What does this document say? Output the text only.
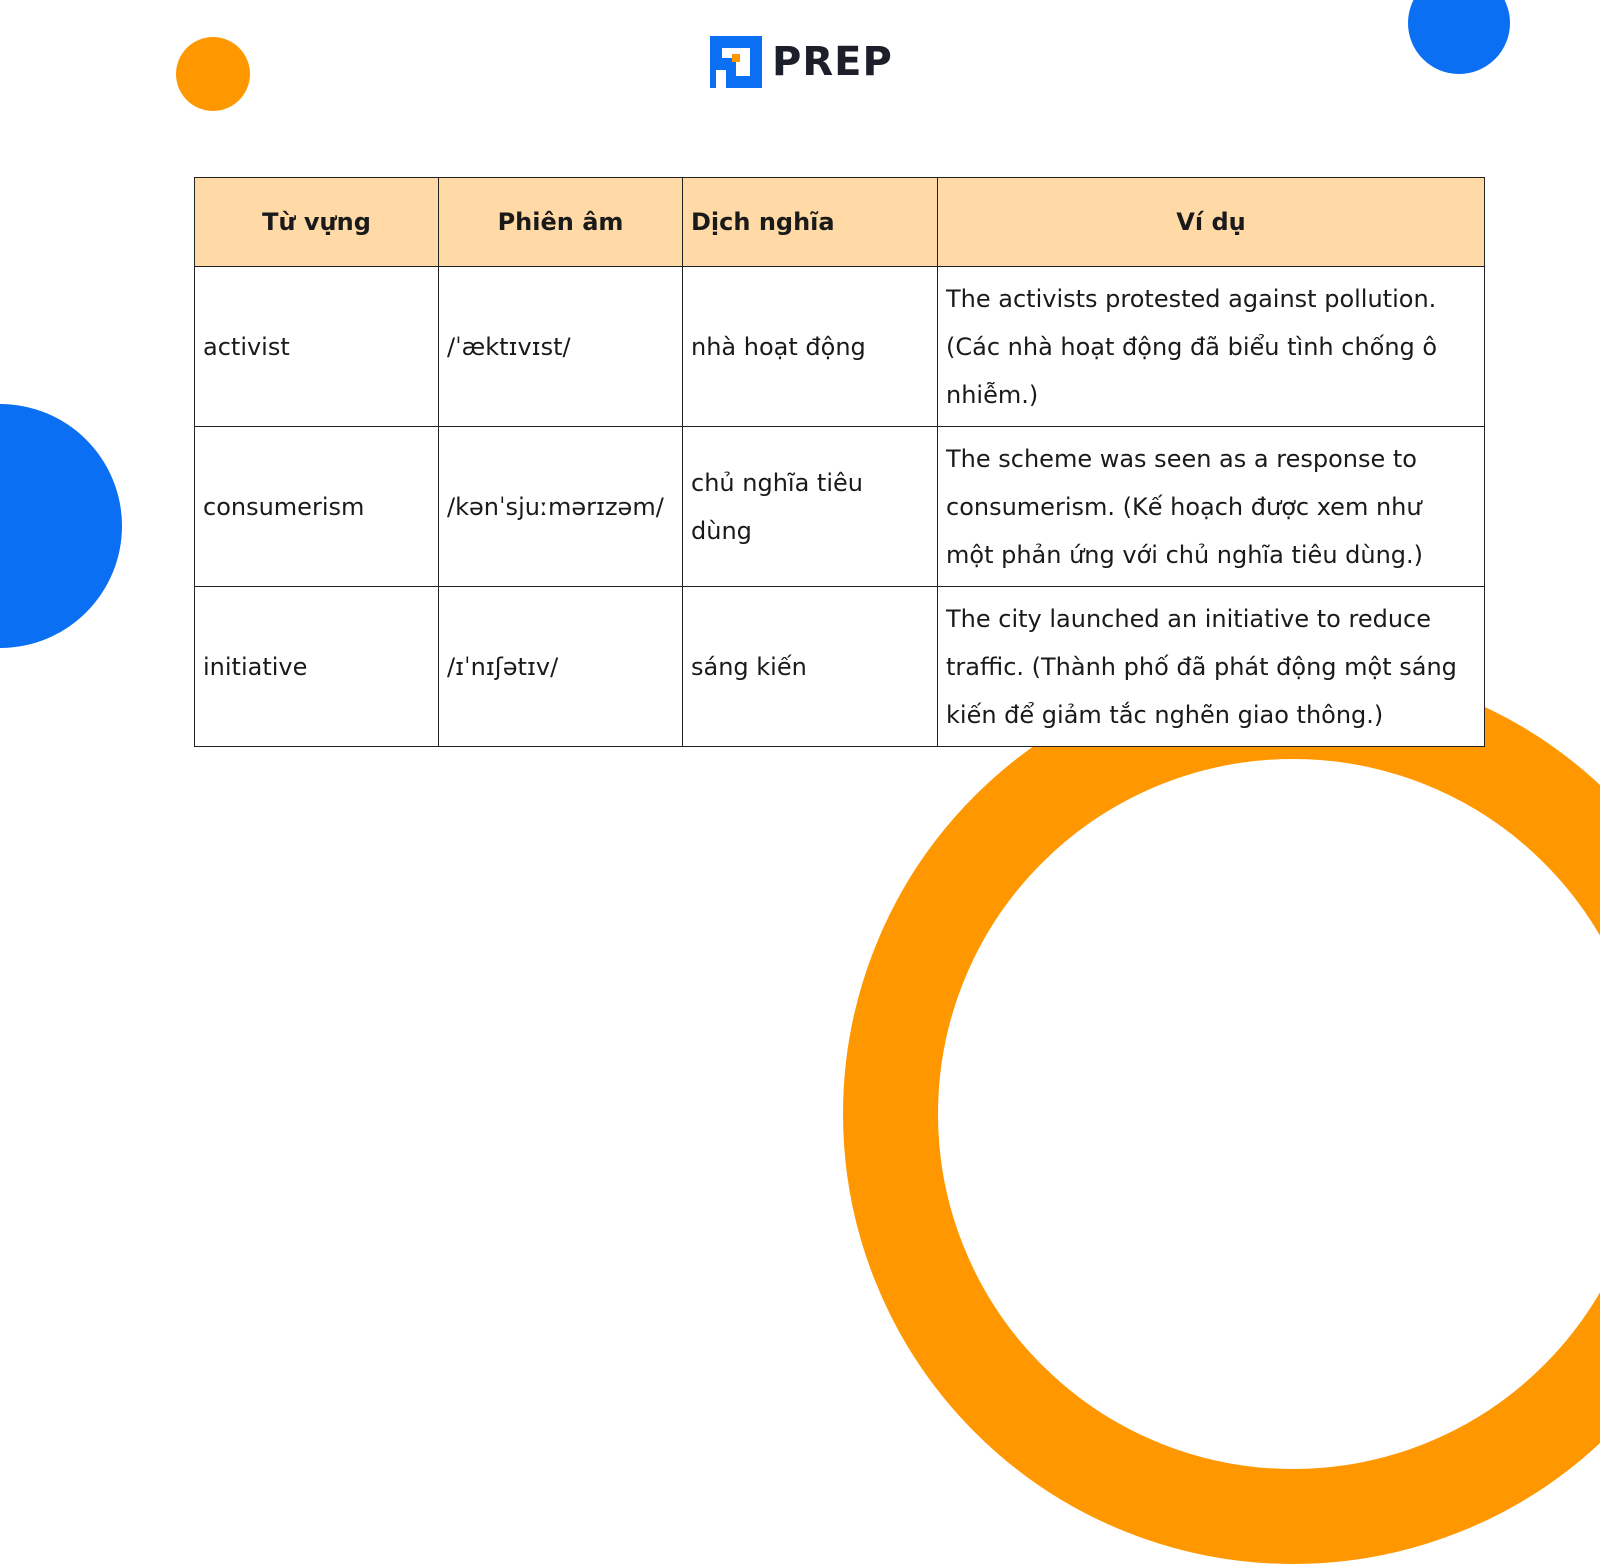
PREP
Từ vựng	Phiên âm	Dịch nghĩa	Ví dụ
activist	/ˈæktɪvɪst/	nhà hoạt động	The activists protested against pollution. (Các nhà hoạt động đã biểu tình chống ô nhiễm.)
consumerism	/kənˈsjuːmərɪzəm/	chủ nghĩa tiêu dùng	The scheme was seen as a response to consumerism. (Kế hoạch được xem như một phản ứng với chủ nghĩa tiêu dùng.)
initiative	/ɪˈnɪʃətɪv/	sáng kiến	The city launched an initiative to reduce traffic. (Thành phố đã phát động một sáng kiến để giảm tắc nghẽn giao thông.)
